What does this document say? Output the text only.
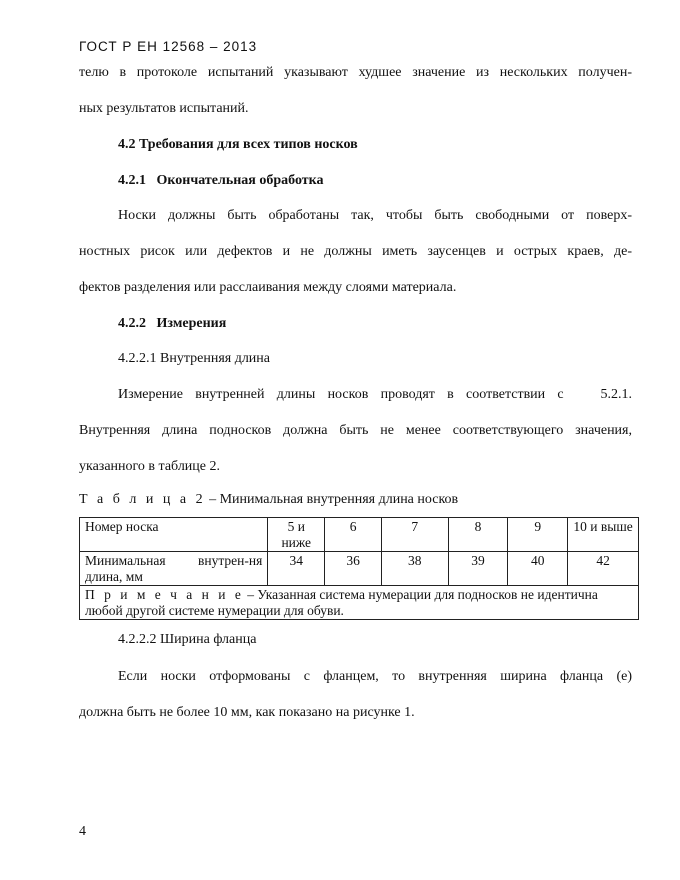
ГОСТ Р ЕН 12568 – 2013
телю в протоколе испытаний указывают худшее значение из нескольких получен-
ных результатов испытаний.
4.2 Требования для всех типов носков
4.2.1   Окончательная обработка
Носки должны быть обработаны так, чтобы быть свободными от поверх-
ностных рисок или дефектов и не должны иметь заусенцев и острых краев, де-
фектов разделения или расслаивания между слоями материала.
4.2.2   Измерения
4.2.2.1 Внутренняя длина
Измерение внутренней длины носков проводят в соответствии с   5.2.1.
Внутренняя длина подносков должна быть не менее соответствующего значения,
указанного в таблице 2.
Т а б л и ц а 2 – Минимальная внутренняя длина носков
Номер носка	5 и ниже	6	7	8	9	10 и выше
Минимальная внутрен-ня длина, мм	34	36	38	39	40	42
П р и м е ч а н и е – Указанная система нумерации для подносков не идентична любой другой системе нумерации для обуви.						
4.2.2.2 Ширина фланца
Если носки отформованы с фланцем, то внутренняя ширина фланца (е)
должна быть не более 10 мм, как показано на рисунке 1.
4
